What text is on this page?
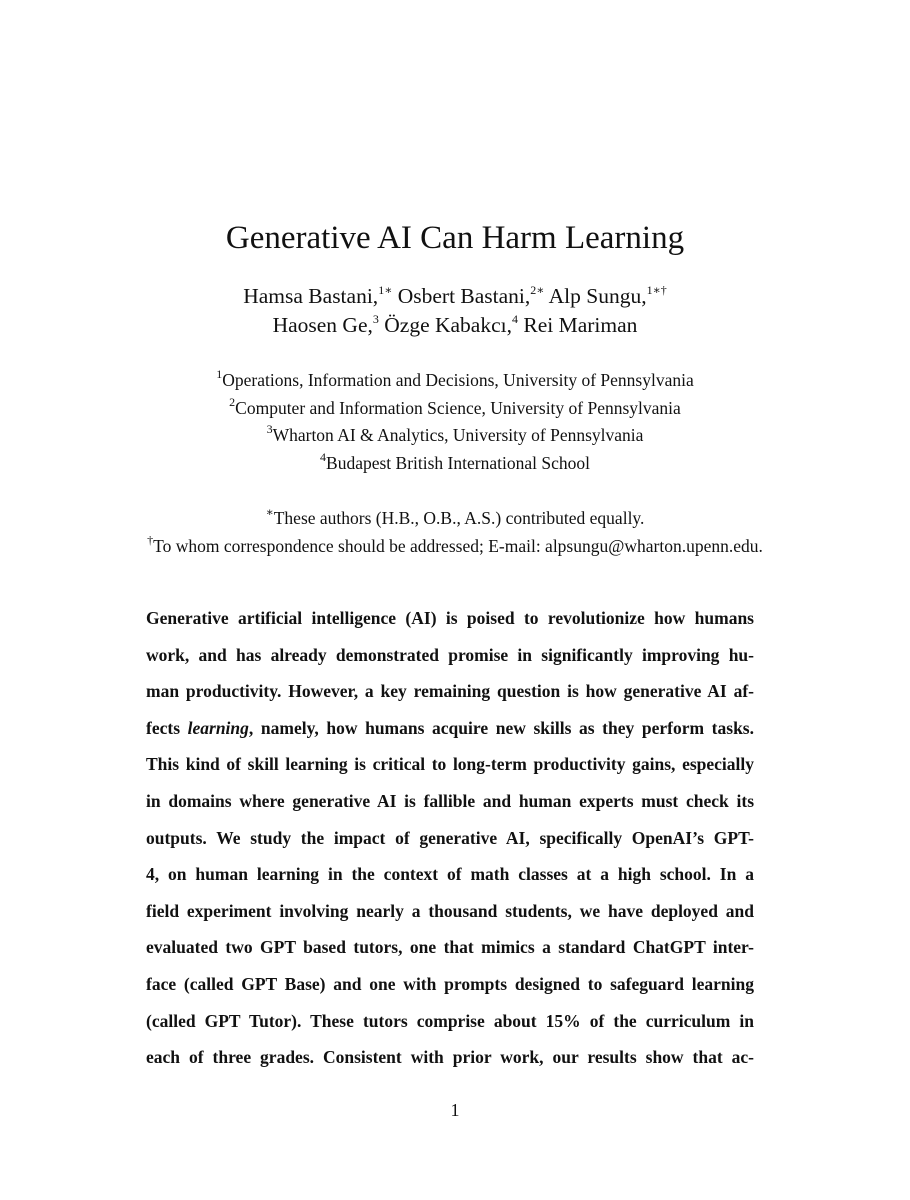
Generative AI Can Harm Learning
Hamsa Bastani,$^{1∗}$ Osbert Bastani,$^{2∗}$ Alp Sungu,$^{1∗\dagger}$
Haosen Ge,$^3$ Özge Kabakcı,$^4$ Rei Mariman
$^1$Operations, Information and Decisions, University of Pennsylvania
$^2$Computer and Information Science, University of Pennsylvania
$^3$Wharton AI & Analytics, University of Pennsylvania
$^4$Budapest British International School
∗These authors (H.B., O.B., A.S.) contributed equally.
†To whom correspondence should be addressed; E-mail: alpsungu@wharton.upenn.edu.
Generative artificial intelligence (AI) is poised to revolutionize how humans
work, and has already demonstrated promise in significantly improving hu-
man productivity. However, a key remaining question is how generative AI af-
fects learning, namely, how humans acquire new skills as they perform tasks.
This kind of skill learning is critical to long-term productivity gains, especially
in domains where generative AI is fallible and human experts must check its
outputs. We study the impact of generative AI, specifically OpenAI’s GPT-
4, on human learning in the context of math classes at a high school. In a
field experiment involving nearly a thousand students, we have deployed and
evaluated two GPT based tutors, one that mimics a standard ChatGPT inter-
face (called GPT Base) and one with prompts designed to safeguard learning
(called GPT Tutor). These tutors comprise about 15% of the curriculum in
each of three grades. Consistent with prior work, our results show that ac-
1
